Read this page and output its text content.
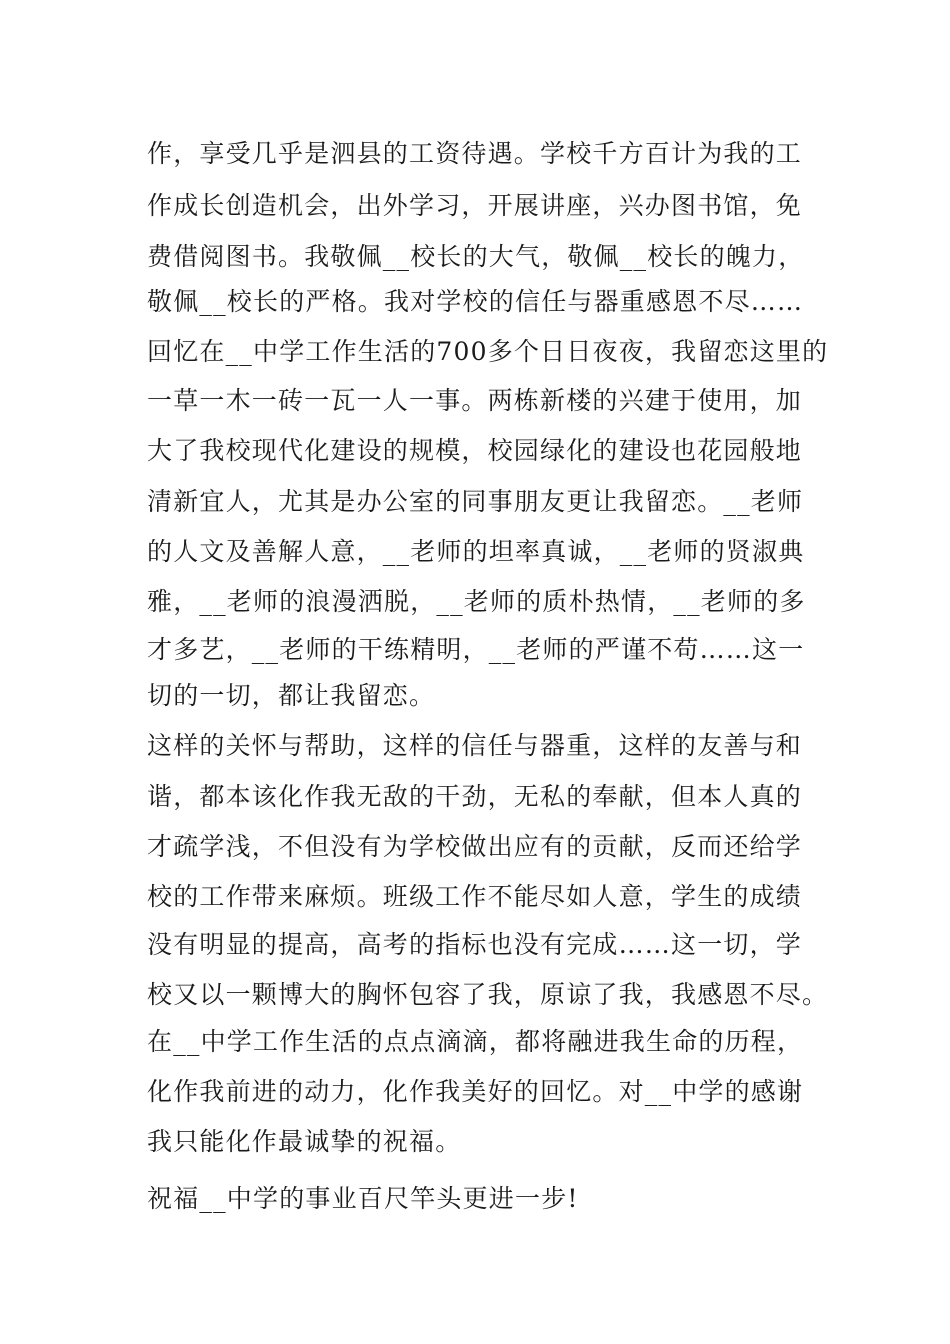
作，享受几乎是泗县的工资待遇。学校千方百计为我的工
作成长创造机会，出外学习，开展讲座，兴办图书馆，免
费借阅图书。我敬佩__校长的大气，敬佩__校长的魄力，
敬佩__校长的严格。我对学校的信任与器重感恩不尽……
回忆在__中学工作生活的700多个日日夜夜，我留恋这里的
一草一木一砖一瓦一人一事。两栋新楼的兴建于使用，加
大了我校现代化建设的规模，校园绿化的建设也花园般地
清新宜人，尤其是办公室的同事朋友更让我留恋。__老师
的人文及善解人意，__老师的坦率真诚，__老师的贤淑典
雅，__老师的浪漫洒脱，__老师的质朴热情，__老师的多
才多艺，__老师的干练精明，__老师的严谨不苟……这一
切的一切，都让我留恋。
这样的关怀与帮助，这样的信任与器重，这样的友善与和
谐，都本该化作我无敌的干劲，无私的奉献，但本人真的
才疏学浅，不但没有为学校做出应有的贡献，反而还给学
校的工作带来麻烦。班级工作不能尽如人意，学生的成绩
没有明显的提高，高考的指标也没有完成……这一切，学
校又以一颗博大的胸怀包容了我，原谅了我，我感恩不尽。
在__中学工作生活的点点滴滴，都将融进我生命的历程，
化作我前进的动力，化作我美好的回忆。对__中学的感谢
我只能化作最诚挚的祝福。
祝福__中学的事业百尺竿头更进一步!
